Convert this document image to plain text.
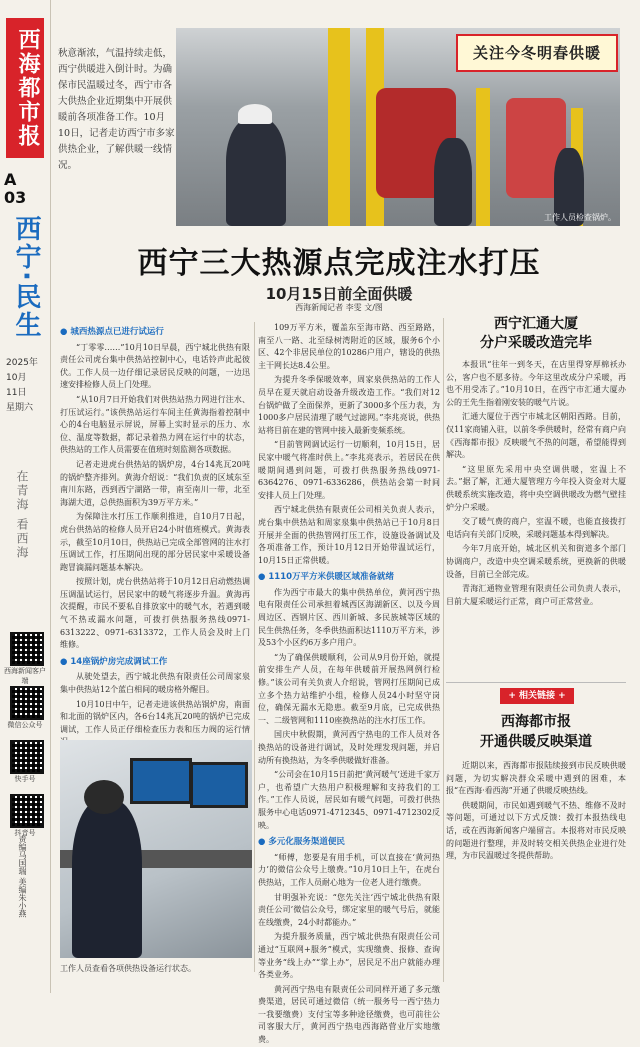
西海都市报
A
03
西宁·民生
2025年
10月
11日
星期六
在青海 看西海
西海新闻客户端
微信公众号
快手号
抖音号
责编马国瑞 美编朱小燕
关注今冬明春供暖
工作人员检查锅炉。
秋意渐浓，气温持续走低，西宁供暖进入倒计时。为确保市民温暖过冬，西宁市各大供热企业近期集中开展供暖前各项准备工作。10月10日，记者走访西宁市多家供热企业，了解供暖一线情况。
西宁三大热源点完成注水打压
10月15日前全面供暖
西海新闻记者 李雯 文/图
● 城西热源点已进行试运行

“丁零零……”10月10日早晨，西宁城北供热有限责任公司虎台集中供热站控制中心，电话铃声此起彼伏。工作人员一边仔细记录居民反映的问题，一边迅速安排检修人员上门处理。

“从10月7日开始我们对供热站热力网进行注水、打压试运行。”该供热站运行车间主任黄海指着控制中心的4台电脑显示屏说，屏幕上实时显示的压力、水位、温度等数据，都记录着热力网在运行中的状态，供热站的工作人员需要在值班时刻监测各项数据。

记者走进虎台供热站的锅炉房，4台14兆瓦20吨的锅炉整齐排列。黄海介绍说：“我们负责的区域东至南川东路，西到西宁湖路一带，南至南川一带，北至海湖大道，总供热面积为39万平方米。”

为保障注水打压工作顺利推进，自10月7日起，虎台供热站的检修人员开启24小时值班模式。黄海表示，截至10月10日，供热站已完成全部管网的注水打压调试工作，打压期间出现的部分居民家中采暖设备跑冒滴漏问题基本解决。

按照计划，虎台供热站将于10月12日启动燃热调压调温试运行，居民家中的暖气将逐步升温。黄海再次提醒，市民不要私自排放家中的暖气水，若遇到暖气不热或漏水问题，可拨打供热服务热线0971-6313222、0971-6313372，工作人员会及时上门维修。

● 14座锅炉房完成调试工作

从驶处望去，西宁城北供热有限责任公司周家泉集中供热站12个蓝白相间的暖房格外醒目。

10月10日中午，记者走进该供热站锅炉房，南面和北面的锅炉区内，各6台14兆瓦20吨的锅炉已完成调试，工作人员正仔细检查压力表和压力阀的运行情

109万平方米，覆盖东至海市路、西至路路，南至八一路、北至绿树湾附近的区域，服务6个小区、42个非居民单位的10286户用户，辖设的供热主干网长达8.4公里。

为提升冬季保暖效率，周家泉供热站的工作人员早在夏天就启动设备升级改造工作。“我们对12台锅炉做了全面保养，更新了3000多个压力表，为1000多户居民清理了暖气过滤网。”李兆亮说，供热站将目前在建的管网中接入最新变频系统。

“目前管网调试运行一切顺利，10月15日，居民家中暖气将准时供上。”李兆亮表示，若居民在供暖期间遇到问题，可拨打供热服务热线0971-6364276、0971-6336286，供热站会第一时间安排人员上门处理。

西宁城北供热有限责任公司相关负责人表示，虎台集中供热站和周家泉集中供热站已于10月8日开展并全面的供热管网打压工作，设施设备调试及各项准备工作，预计10月12日开始带温试运行，10月15日正常供暖。

● 1110万平方米供暖区域准备就绪

作为西宁市最大的集中供热单位，黄河西宁热电有限责任公司承担着城西区海湖新区、以及今周周边区、西钢片区、西川新城、多民族城等区域的民生供热任务，冬季供热面积达1110万平方米，涉及53个小区约6万多户用户。

“为了确保供暖顺利，公司从9月份开始，就提前安排生产人员，在每年供暖前开展热网例行检修。”该公司有关负责人介绍说，管网打压期间已成立多个热力站维护小组，检修人员24小时坚守岗位，确保无漏水无隐患。截至9月底，已完成供热一、二级管网和1110座换热站的注水打压工作。

国庆中秋假期，黄河西宁热电的工作人员对各换热站的设备进行调试，及时处理发现问题，并启动所有换热站，为冬季供暖做好准备。

“公司会在10月15日前把‘黄河暖气’送进千家万户，也希望广大热用户积极理解和支持我们的工作。”工作人员说，居民如有暖气问题，可拨打供热服务中心电话0971-4712345、0971-4712302反映。

● 多元化服务渠道便民

“师傅，您要是有用手机，可以直接在‘黄河热力’的微信公众号上缴费。”10月10日上午，在虎台供热站，工作人员耐心地为一位老人进行缴费。

甘明强补充说：“您先关注‘西宁城北供热有限责任公司’微信公众号，绑定家里的暖气号后，就能在线缴费，24小时都能办。”

为提升服务质量，西宁城北供热有限责任公司通过“互联网+服务”模式，实现缴费、报修、查询等业务“线上办”“掌上办”，居民足不出户就能办理各类业务。

黄河西宁热电有限责任公司同样开通了多元缴费渠道，居民可通过微信（统一服务号一西宁热力一我要缴费）支付宝等多种途径缴费，也可前往公司客服大厅，黄河西宁热电西海路营业厅实地缴费。

工作人员查看各项供热设备运行状态。
西宁汇通大厦
分户采暖改造完毕

本报讯“往年一到冬天，在店里得穿厚棉袄办公，客户也不愿多待。今年这里改成分户采暖，再也不用受冻了。”10月10日，在西宁市汇通大厦办公的王先生指着刚安装的暖气片说。

汇通大厦位于西宁市城北区朝阳西路。目前，仅11家商铺入驻，以前冬季供暖时，经常有商户向《西海都市报》反映暖气不热的问题，希望能得到解决。

“这里原先采用中央空调供暖，室温上不去。”据了解，汇通大厦管理方今年投入资金对大厦供暖系统实施改造，将中央空调供暖改为燃气壁挂炉分户采暖。

交了暖气费的商户，室温不暖，也能直接拨打电话向有关部门反映，采暖问题基本得到解决。

今年7月底开始，城北区机关和街道多个部门协调商户，改造中央空调采暖系统，更换新的供暖设备，目前已全部完成。

青海汇通物业管理有限责任公司负责人表示，目前大厦采暖运行正常，商户可正常营业。

+ 相关链接 +
西海都市报
开通供暖反映渠道

近期以来，西海都市报陆续接到市民反映供暖问题，为切实解决群众采暖中遇到的困难，本报“在西海·看西海”开通了供暖反映热线。

供暖期间，市民如遇到暖气不热、维修不及时等问题，可通过以下方式反馈：拨打本报热线电话，或在西海新闻客户端留言。本报将对市民反映的问题进行整理，并及时转交相关供热企业进行处理，为市民温暖过冬提供帮助。
